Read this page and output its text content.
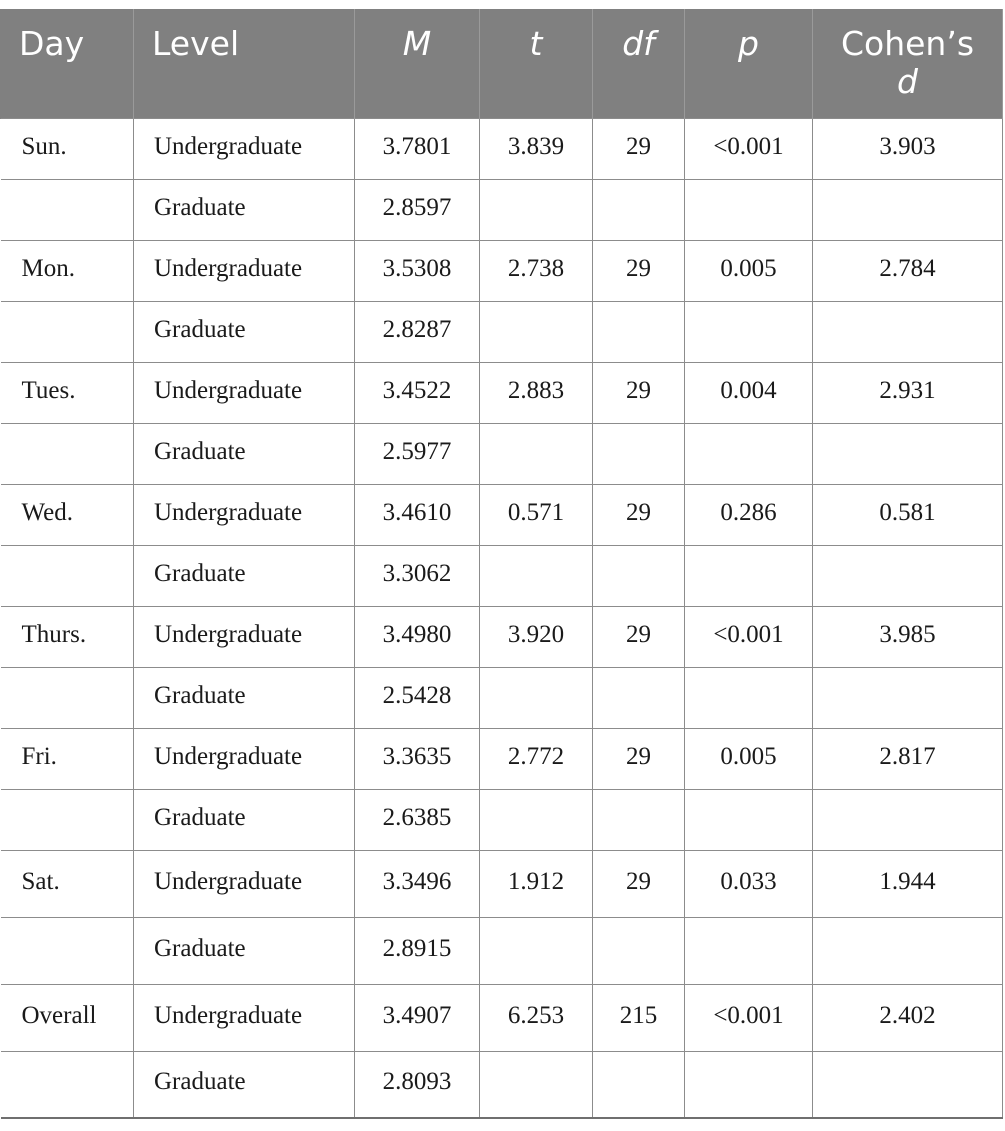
Day	Level	M	t	df	p	Cohen’s
d
Sun.	Undergraduate	3.7801	3.839	29	<0.001	3.903
	Graduate	2.8597				
Mon.	Undergraduate	3.5308	2.738	29	0.005	2.784
	Graduate	2.8287				
Tues.	Undergraduate	3.4522	2.883	29	0.004	2.931
	Graduate	2.5977				
Wed.	Undergraduate	3.4610	0.571	29	0.286	0.581
	Graduate	3.3062				
Thurs.	Undergraduate	3.4980	3.920	29	<0.001	3.985
	Graduate	2.5428				
Fri.	Undergraduate	3.3635	2.772	29	0.005	2.817
	Graduate	2.6385				
Sat.	Undergraduate	3.3496	1.912	29	0.033	1.944
	Graduate	2.8915				
Overall	Undergraduate	3.4907	6.253	215	<0.001	2.402
	Graduate	2.8093				
